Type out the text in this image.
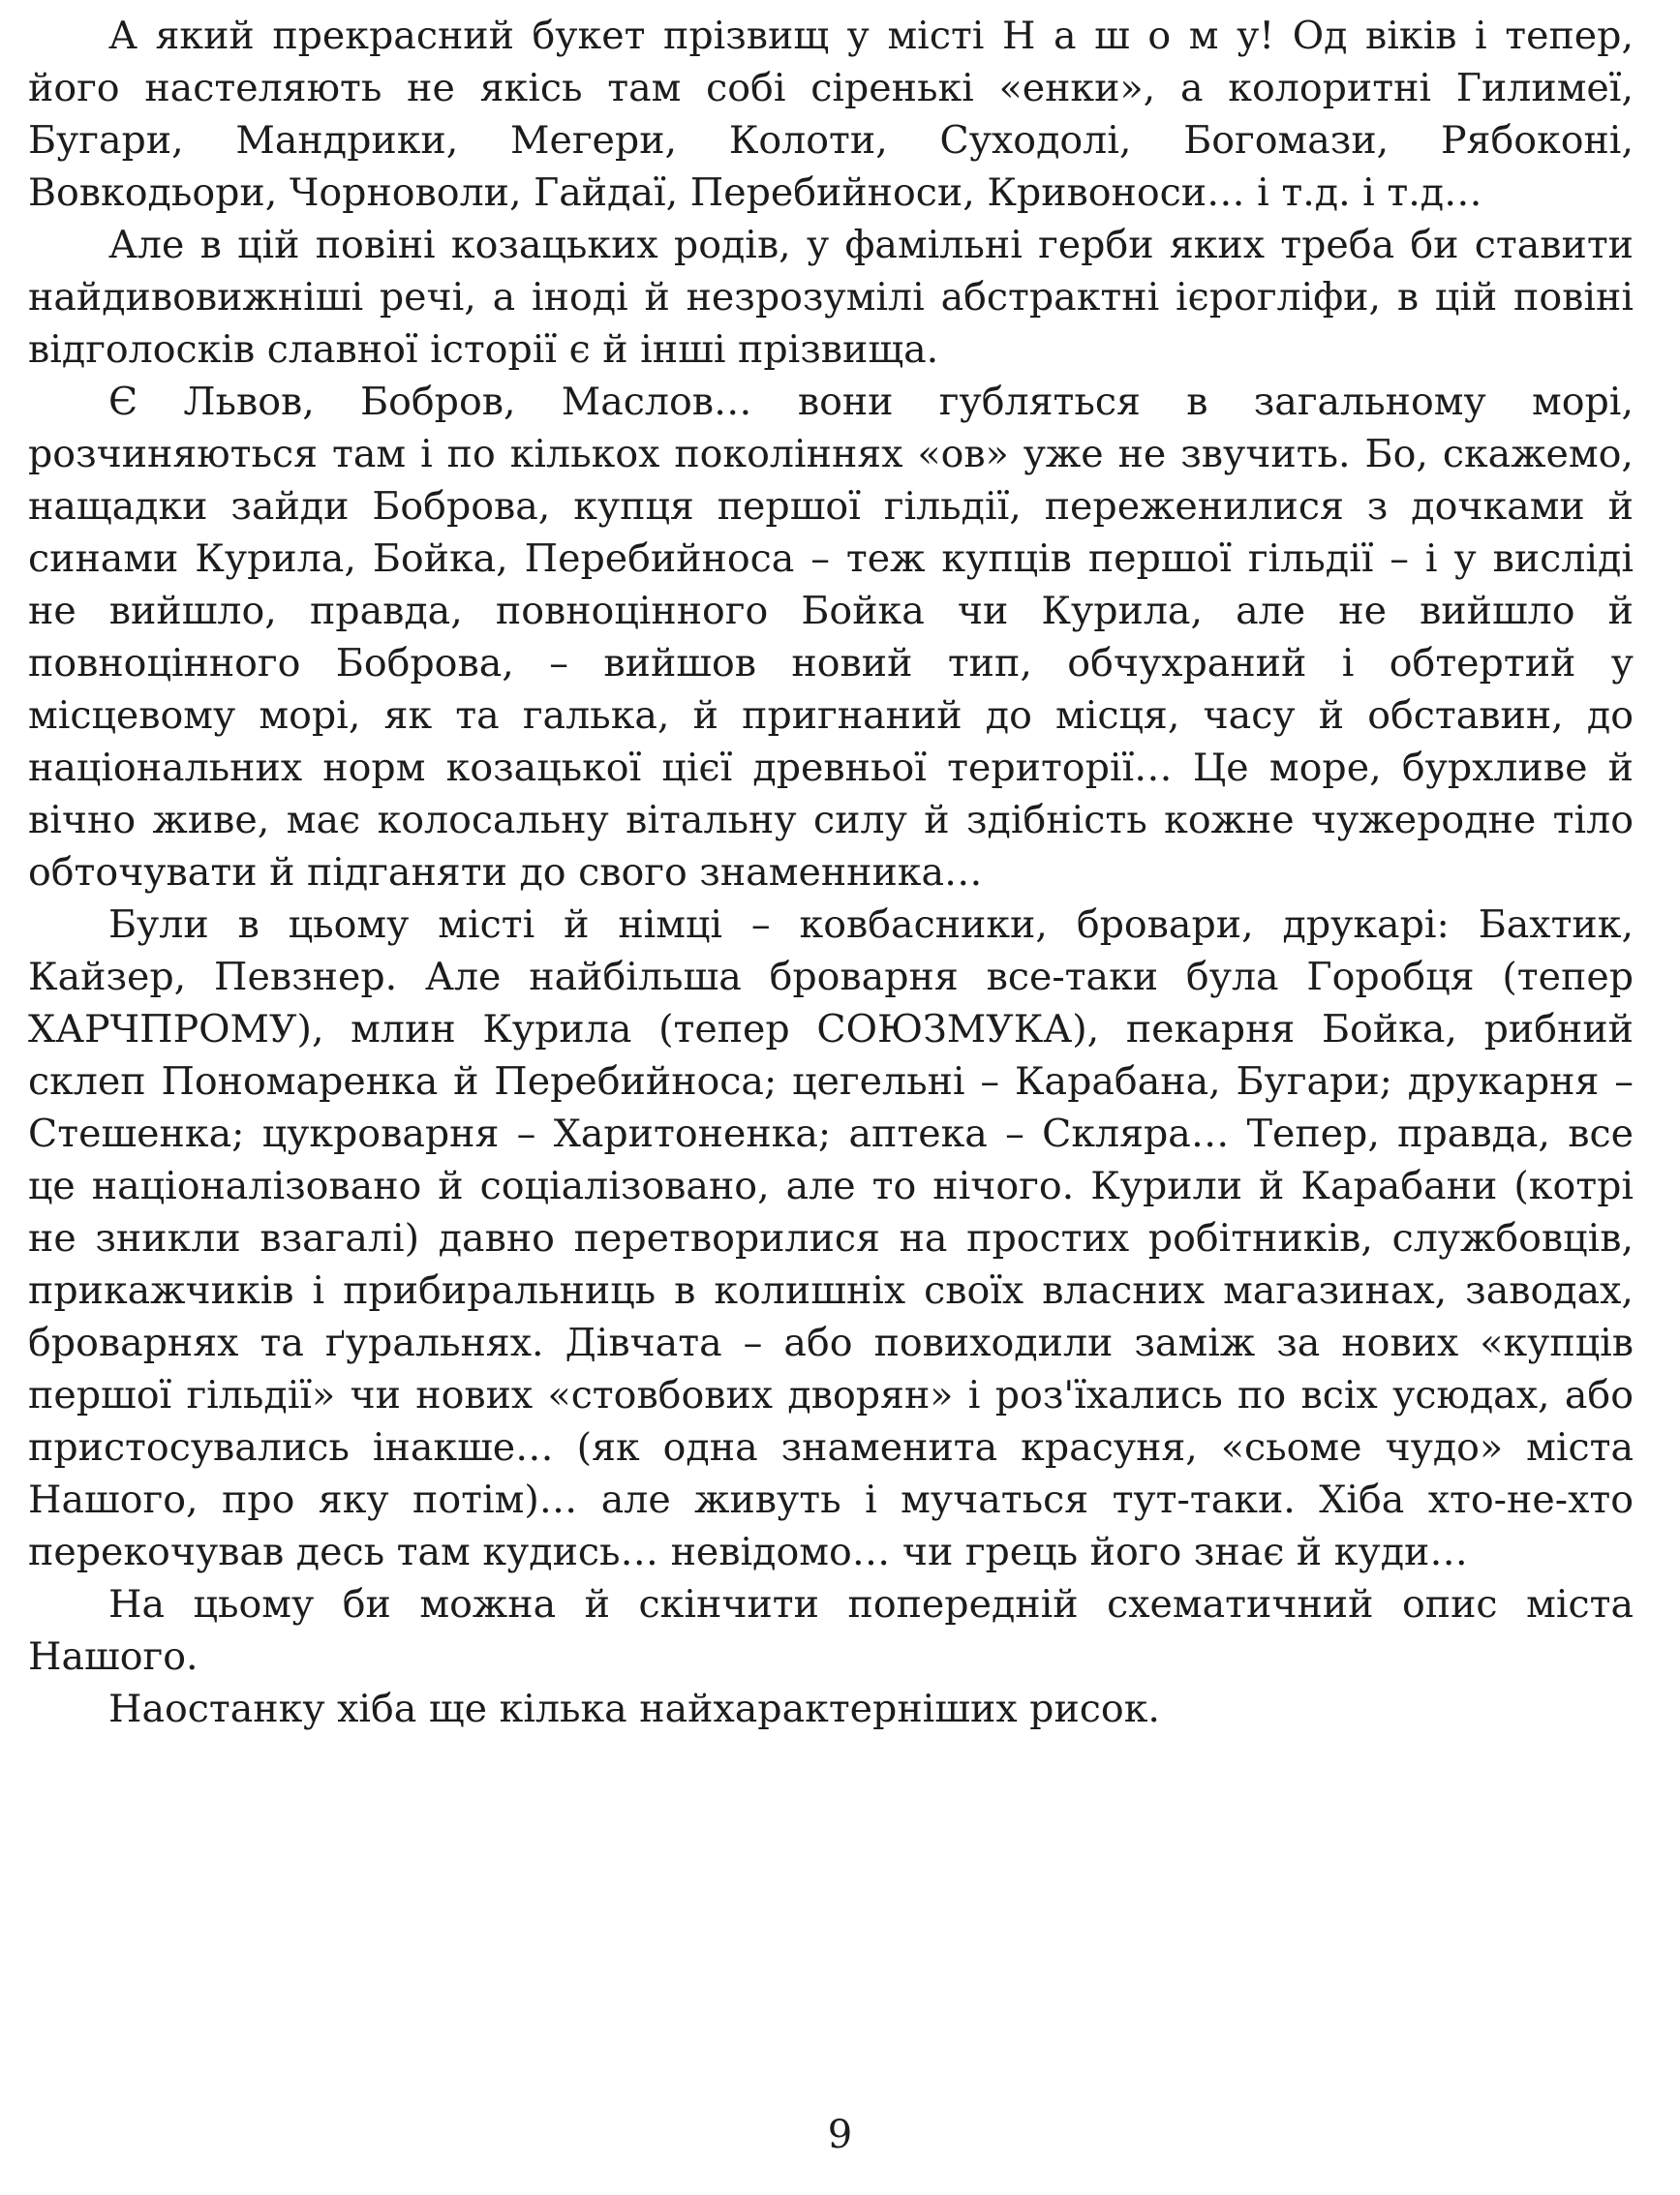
А який прекрасний букет прізвищ у місті Н а ш о м у! Од віків і тепер, його настеляють не якісь там собі сіренькі «енки», а колоритні Гилимеї, Бугари, Мандрики, Мегери, Колоти, Суходолі, Богомази, Рябоконі, Вовкодьори, Чорноволи, Гайдаї, Перебийноси, Кривоноси… і т.д. і т.д…

Але в цій повіні козацьких родів, у фамільні герби яких треба би ставити найдивовижніші речі, а іноді й незрозумілі абстрактні ієрогліфи, в цій повіні відголосків славної історії є й інші прізвища.

Є Львов, Бобров, Маслов… вони губляться в загальному морі, розчиняються там і по кількох поколіннях «ов» уже не звучить. Бо, скажемо, нащадки зайди Боброва, купця першої гільдії, переженилися з дочками й синами Курила, Бойка, Перебийноса – теж купців першої гільдії – і у висліді не вийшло, правда, повноцінного Бойка чи Курила, але не вийшло й повноцінного Боброва, – вийшов новий тип, обчухраний і обтертий у місцевому морі, як та галька, й пригнаний до місця, часу й обставин, до національних норм козацької цієї древньої території… Це море, бурхливе й вічно живе, має колосальну вітальну силу й здібність кожне чужеродне тіло обточувати й підганяти до свого знаменника…

Були в цьому місті й німці – ковбасники, бровари, друкарі: Бахтик, Кайзер, Певзнер. Але найбільша броварня все-таки була Горобця (тепер ХАРЧПРОМУ), млин Курила (тепер СОЮЗМУКА), пекарня Бойка, рибний склеп Пономаренка й Перебийноса; цегельні – Карабана, Бугари; друкарня – Стешенка; цукроварня – Харитоненка; аптека – Скляра… Тепер, правда, все це націоналізовано й соціалізовано, але то нічого. Курили й Карабани (котрі не зникли взагалі) давно перетворилися на простих робітників, службовців, прикажчиків і прибиральниць в колишніх своїх власних магазинах, заводах, броварнях та ґуральнях. Дівчата – або повиходили заміж за нових «купців першої гільдії» чи нових «стовбових дворян» і роз'їхались по всіх усюдах, або пристосувались інакше… (як одна знаменита красуня, «сьоме чудо» міста Нашого, про яку потім)… але живуть і мучаться тут-таки. Хіба хто-не-хто перекочував десь там кудись… невідомо… чи грець його знає й куди…

На цьому би можна й скінчити попередній схематичний опис міста Нашого.

Наостанку хіба ще кілька найхарактерніших рисок.

9
